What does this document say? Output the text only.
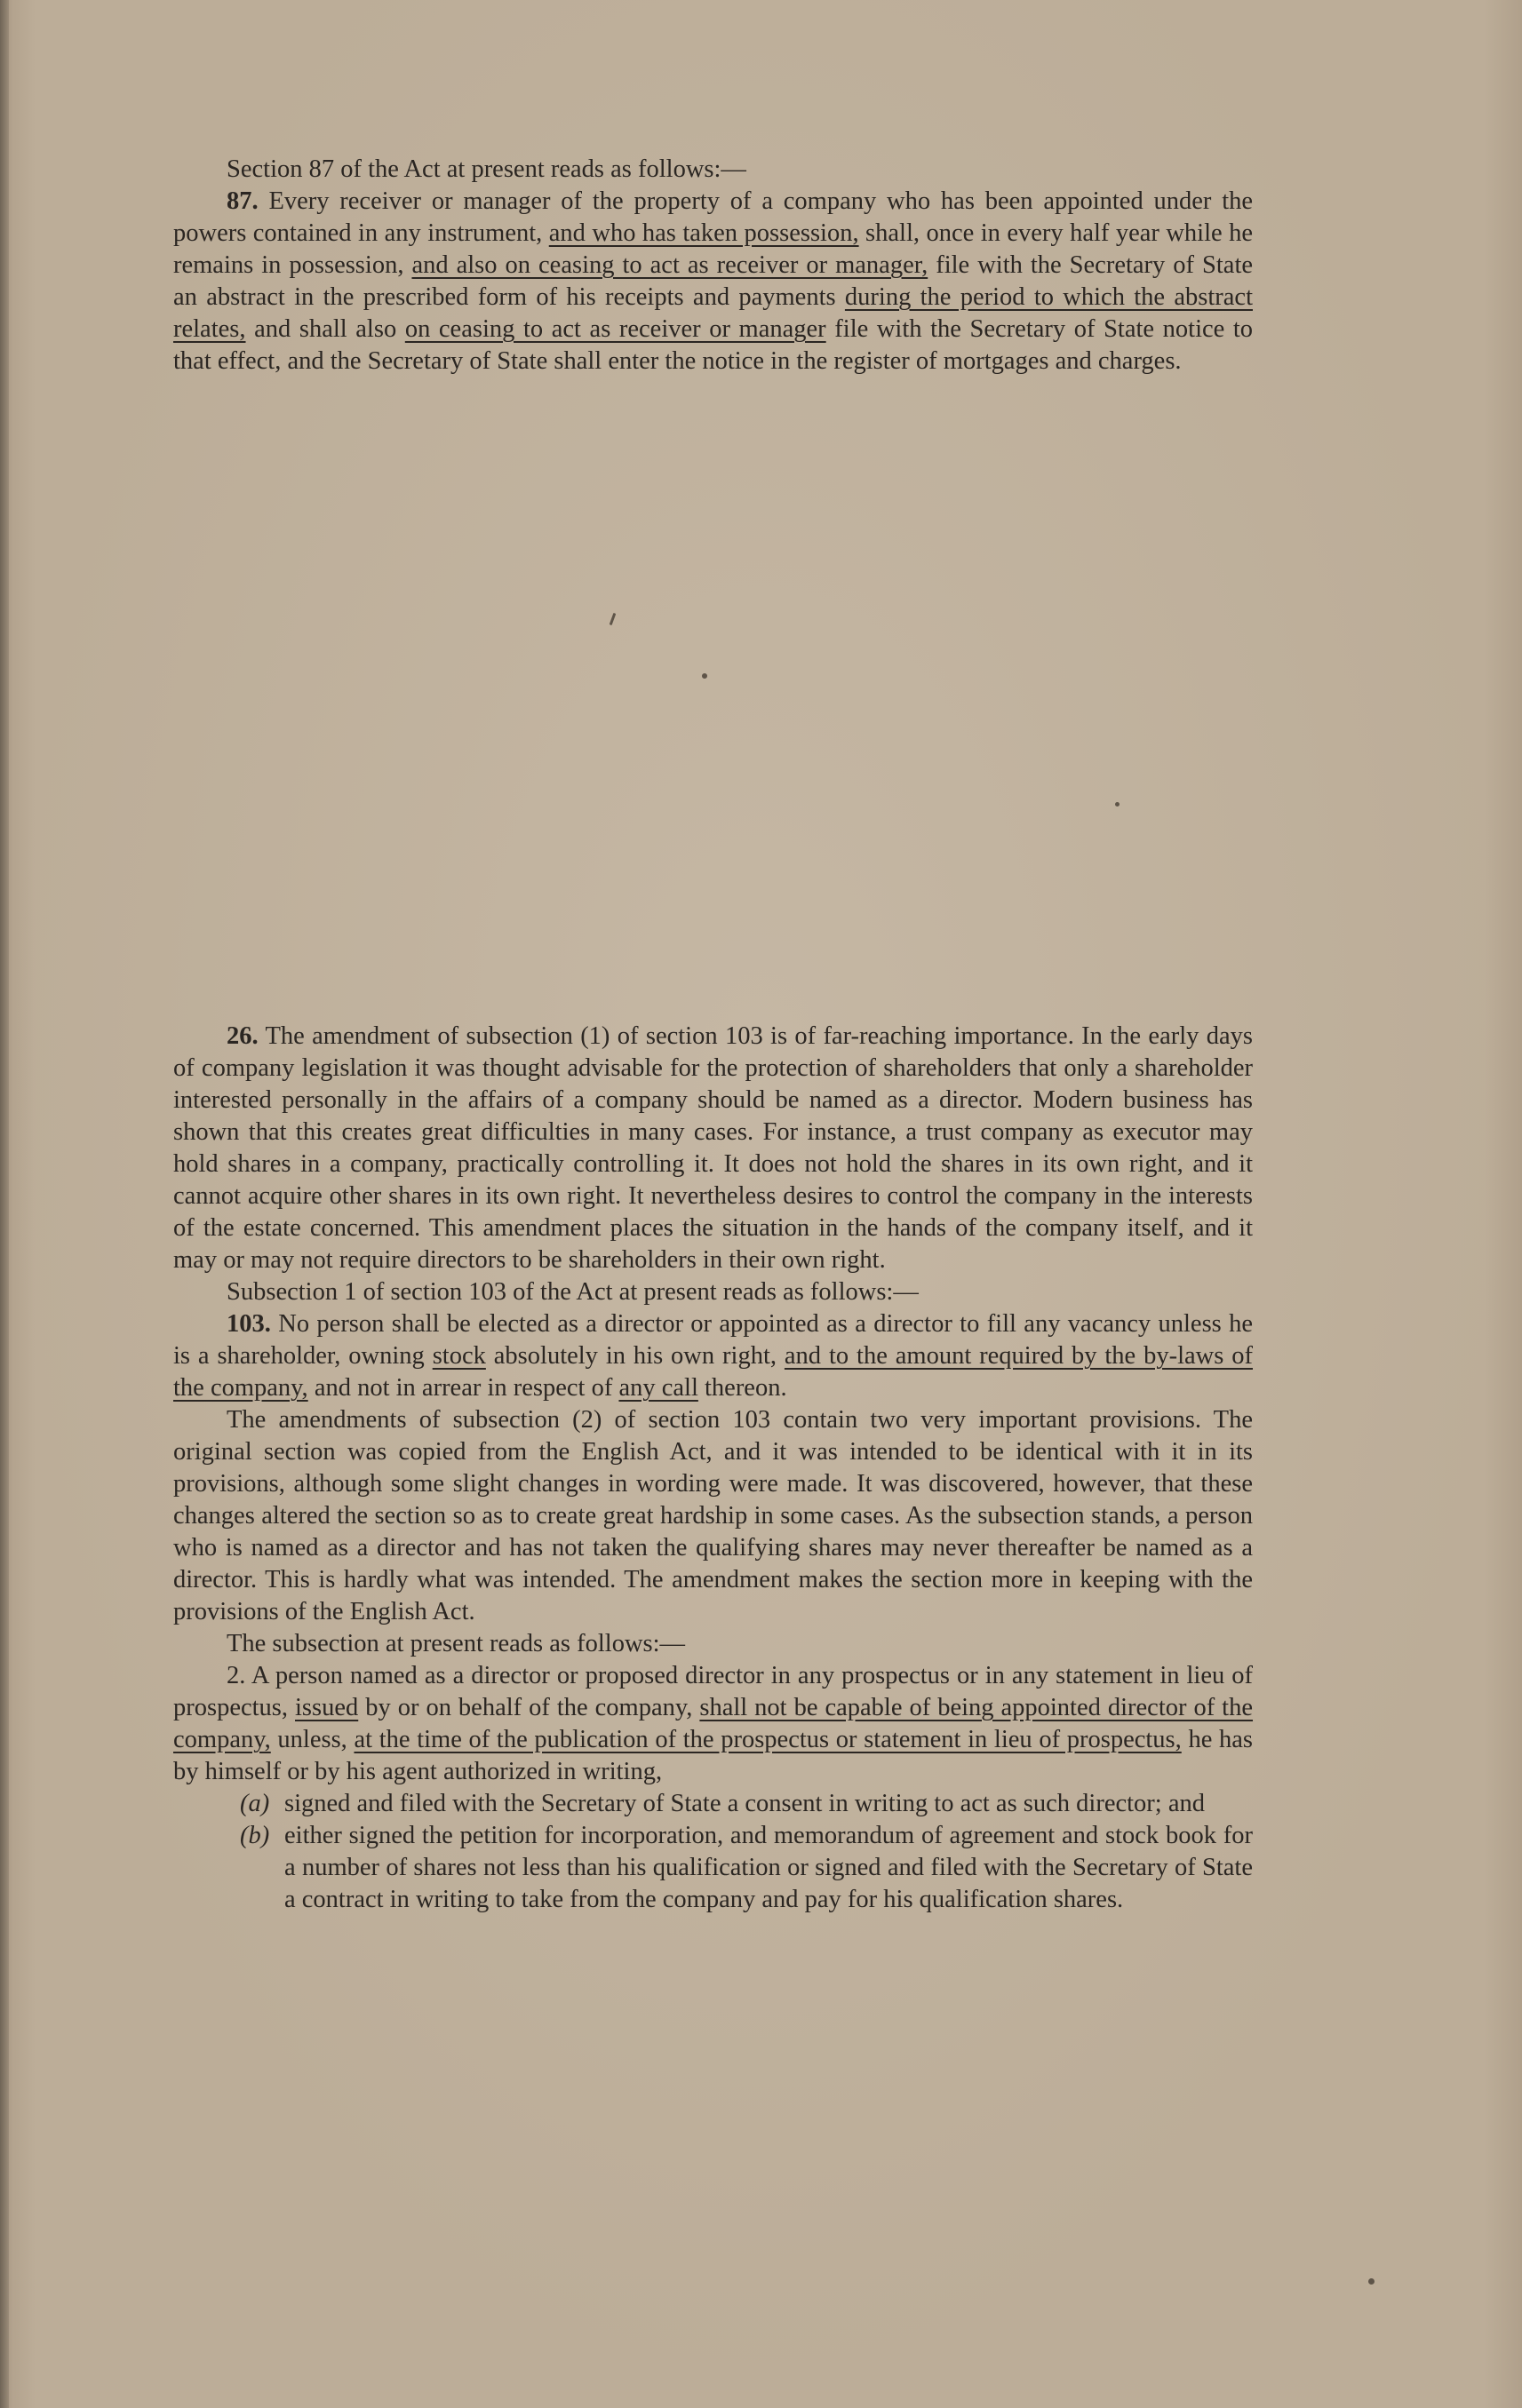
Section 87 of the Act at present reads as follows:—

87. Every receiver or manager of the property of a company who has been appointed under the powers contained in any instrument, and who has taken possession, shall, once in every half year while he remains in possession, and also on ceasing to act as receiver or manager, file with the Secretary of State an abstract in the prescribed form of his receipts and payments during the period to which the abstract relates, and shall also on ceasing to act as receiver or manager file with the Secretary of State notice to that effect, and the Secretary of State shall enter the notice in the register of mortgages and charges.

26. The amendment of subsection (1) of section 103 is of far-reaching importance. In the early days of company legislation it was thought advisable for the protection of shareholders that only a shareholder interested personally in the affairs of a company should be named as a director. Modern business has shown that this creates great difficulties in many cases. For instance, a trust company as executor may hold shares in a company, practically controlling it. It does not hold the shares in its own right, and it cannot acquire other shares in its own right. It nevertheless desires to control the company in the interests of the estate concerned. This amendment places the situation in the hands of the company itself, and it may or may not require directors to be shareholders in their own right.

Subsection 1 of section 103 of the Act at present reads as follows:—

103. No person shall be elected as a director or appointed as a director to fill any vacancy unless he is a shareholder, owning stock absolutely in his own right, and to the amount required by the by-laws of the company, and not in arrear in respect of any call thereon.

The amendments of subsection (2) of section 103 contain two very important provisions. The original section was copied from the English Act, and it was intended to be identical with it in its provisions, although some slight changes in wording were made. It was discovered, however, that these changes altered the section so as to create great hardship in some cases. As the subsection stands, a person who is named as a director and has not taken the qualifying shares may never thereafter be named as a director. This is hardly what was intended. The amendment makes the section more in keeping with the provisions of the English Act.

The subsection at present reads as follows:—

2. A person named as a director or proposed director in any prospectus or in any statement in lieu of prospectus, issued by or on behalf of the company, shall not be capable of being appointed director of the company, unless, at the time of the publication of the prospectus or statement in lieu of prospectus, he has by himself or by his agent authorized in writing,

(a) signed and filed with the Secretary of State a consent in writing to act as such director; and

(b) either signed the petition for incorporation, and memorandum of agreement and stock book for a number of shares not less than his qualification or signed and filed with the Secretary of State a contract in writing to take from the company and pay for his qualification shares.
